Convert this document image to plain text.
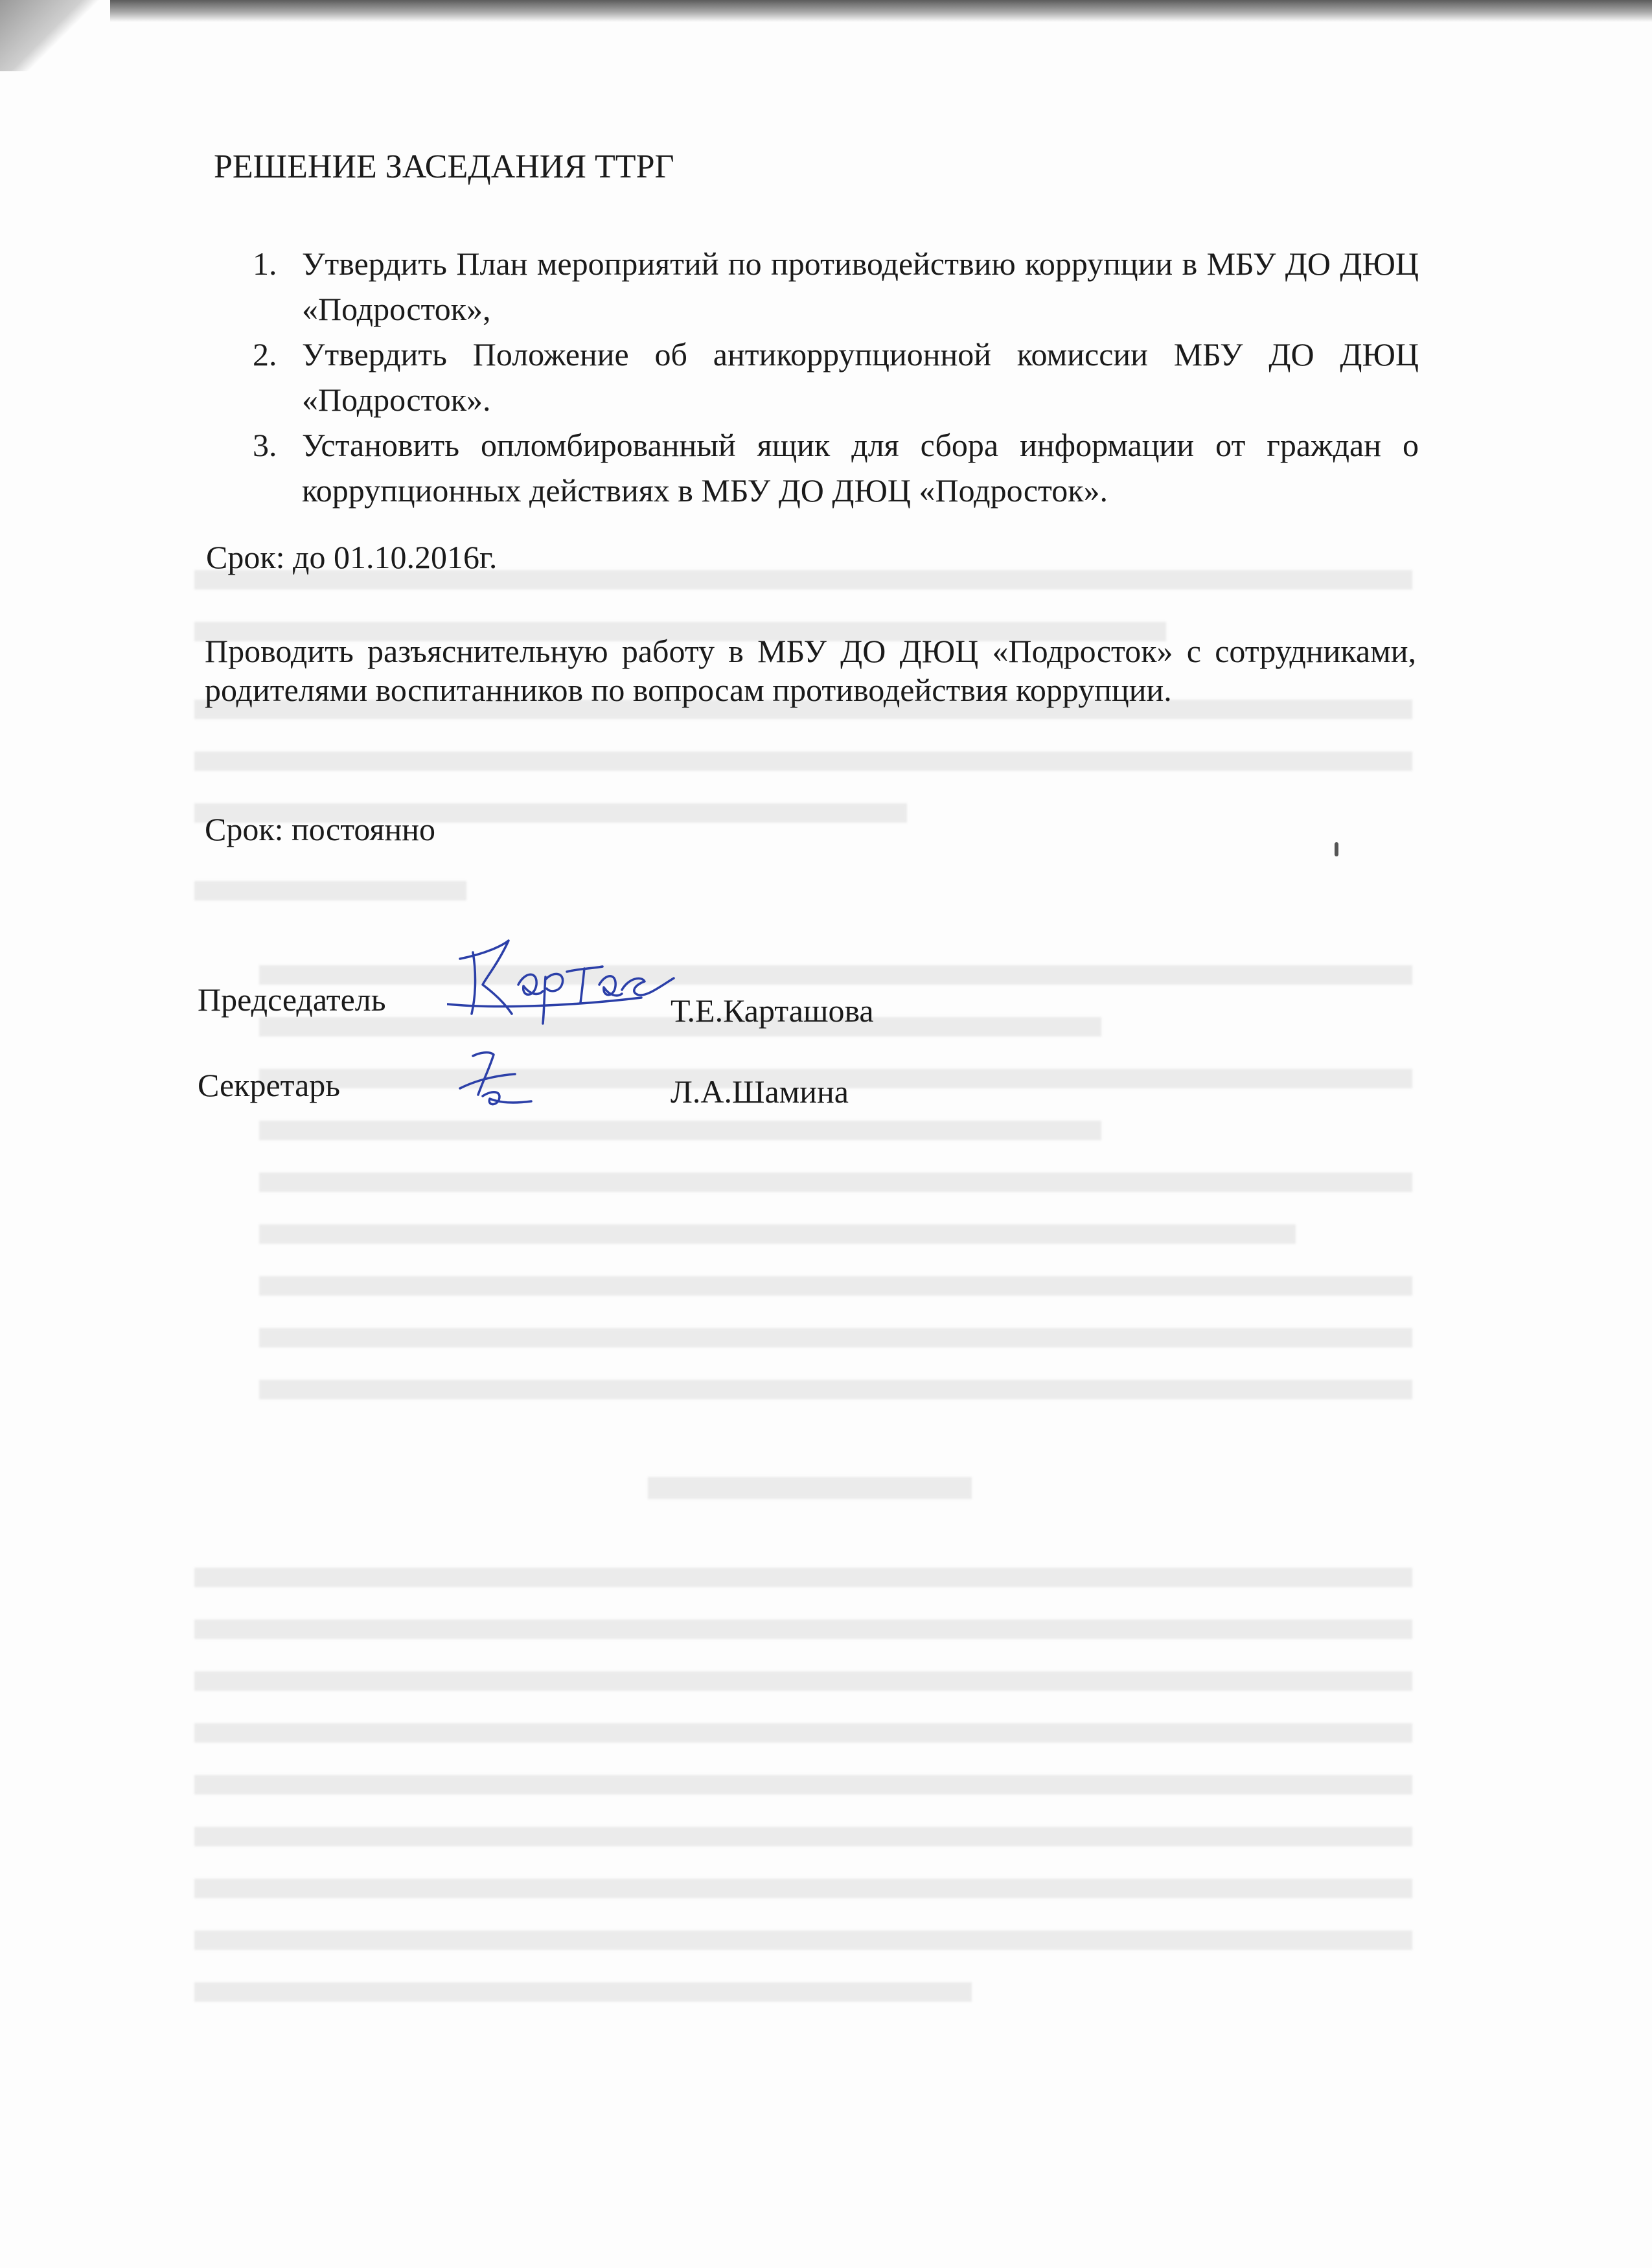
РЕШЕНИЕ ЗАСЕДАНИЯ ТТРГ
1. Утвердить План мероприятий по противодействию коррупции в МБУ ДО ДЮЦ «Подросток»,
2. Утвердить Положение об антикоррупционной комиссии МБУ ДО ДЮЦ «Подросток».
3. Установить опломбированный ящик для сбора информации от граждан о коррупционных действиях в МБУ ДО ДЮЦ «Подросток».
Срок: до 01.10.2016г.

Проводить разъяснительную работу в МБУ ДО ДЮЦ «Подросток» с сотрудниками, родителями воспитанников по вопросам противодействия коррупции.

Срок: постоянно
Председатель	Т.Е.Карташова
Секретарь	Л.А.Шамина
